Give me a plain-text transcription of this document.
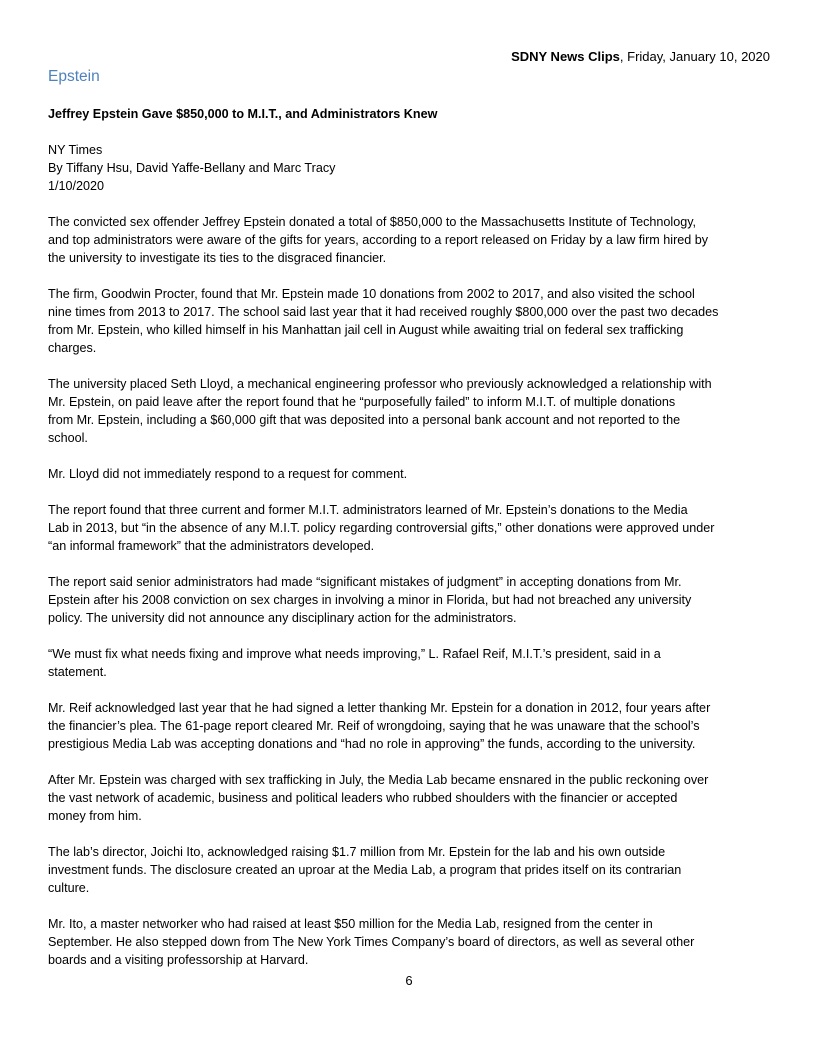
SDNY News Clips, Friday, January 10, 2020
Epstein
Jeffrey Epstein Gave $850,000 to M.I.T., and Administrators Knew
NY Times
By Tiffany Hsu, David Yaffe-Bellany and Marc Tracy
1/10/2020
The convicted sex offender Jeffrey Epstein donated a total of $850,000 to the Massachusetts Institute of Technology,
and top administrators were aware of the gifts for years, according to a report released on Friday by a law firm hired by
the university to investigate its ties to the disgraced financier.
The firm, Goodwin Procter, found that Mr. Epstein made 10 donations from 2002 to 2017, and also visited the school
nine times from 2013 to 2017. The school said last year that it had received roughly $800,000 over the past two decades
from Mr. Epstein, who killed himself in his Manhattan jail cell in August while awaiting trial on federal sex trafficking
charges.
The university placed Seth Lloyd, a mechanical engineering professor who previously acknowledged a relationship with
Mr. Epstein, on paid leave after the report found that he “purposefully failed” to inform M.I.T. of multiple donations
from Mr. Epstein, including a $60,000 gift that was deposited into a personal bank account and not reported to the
school.
Mr. Lloyd did not immediately respond to a request for comment.
The report found that three current and former M.I.T. administrators learned of Mr. Epstein’s donations to the Media
Lab in 2013, but “in the absence of any M.I.T. policy regarding controversial gifts,” other donations were approved under
“an informal framework” that the administrators developed.
The report said senior administrators had made “significant mistakes of judgment” in accepting donations from Mr.
Epstein after his 2008 conviction on sex charges in involving a minor in Florida, but had not breached any university
policy. The university did not announce any disciplinary action for the administrators.
“We must fix what needs fixing and improve what needs improving,” L. Rafael Reif, M.I.T.’s president, said in a
statement.
Mr. Reif acknowledged last year that he had signed a letter thanking Mr. Epstein for a donation in 2012, four years after
the financier’s plea. The 61-page report cleared Mr. Reif of wrongdoing, saying that he was unaware that the school’s
prestigious Media Lab was accepting donations and “had no role in approving” the funds, according to the university.
After Mr. Epstein was charged with sex trafficking in July, the Media Lab became ensnared in the public reckoning over
the vast network of academic, business and political leaders who rubbed shoulders with the financier or accepted
money from him.
The lab’s director, Joichi Ito, acknowledged raising $1.7 million from Mr. Epstein for the lab and his own outside
investment funds. The disclosure created an uproar at the Media Lab, a program that prides itself on its contrarian
culture.
Mr. Ito, a master networker who had raised at least $50 million for the Media Lab, resigned from the center in
September. He also stepped down from The New York Times Company’s board of directors, as well as several other
boards and a visiting professorship at Harvard.
6
